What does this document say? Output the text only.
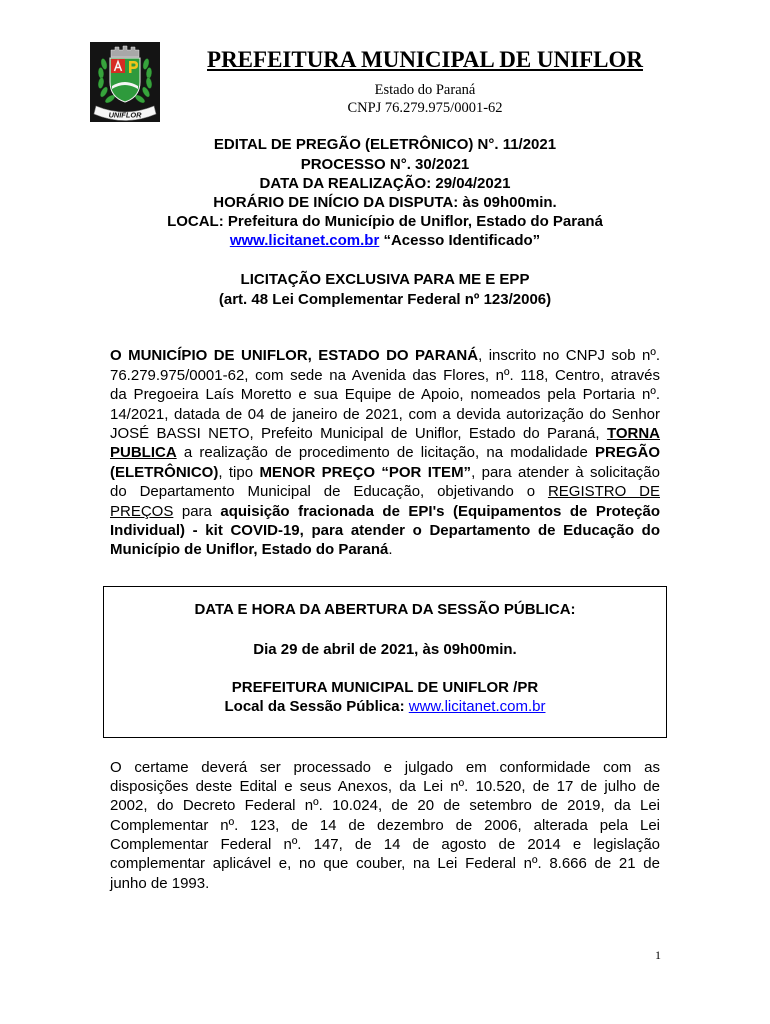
UNIFLOR
PREFEITURA MUNICIPAL DE UNIFLOR
Estado do Paraná
CNPJ 76.279.975/0001-62
EDITAL DE PREGÃO (ELETRÔNICO) N°. 11/2021
PROCESSO N°. 30/2021
DATA DA REALIZAÇÃO: 29/04/2021
HORÁRIO DE INÍCIO DA DISPUTA: às 09h00min.
LOCAL: Prefeitura do Município de Uniflor, Estado do Paraná
www.licitanet.com.br “Acesso Identificado”
LICITAÇÃO EXCLUSIVA PARA ME E EPP
(art. 48 Lei Complementar Federal nº 123/2006)
O MUNICÍPIO DE UNIFLOR, ESTADO DO PARANÁ, inscrito no CNPJ sob nº.
76.279.975/0001-62, com sede na Avenida das Flores, nº. 118, Centro, através
da Pregoeira Laís Moretto e sua Equipe de Apoio, nomeados pela Portaria nº.
14/2021, datada de 04 de janeiro de 2021, com a devida autorização do Senhor
JOSÉ BASSI NETO, Prefeito Municipal de Uniflor, Estado do Paraná, TORNA
PUBLICA a realização de procedimento de licitação, na modalidade PREGÃO
(ELETRÔNICO), tipo MENOR PREÇO “POR ITEM”, para atender à solicitação
do Departamento Municipal de Educação, objetivando o REGISTRO DE
PREÇOS para aquisição fracionada de EPI's (Equipamentos de Proteção
Individual) - kit COVID-19, para atender o Departamento de Educação do
Município de Uniflor, Estado do Paraná.
DATA E HORA DA ABERTURA DA SESSÃO PÚBLICA:
Dia 29 de abril de 2021, às 09h00min.
PREFEITURA MUNICIPAL DE UNIFLOR /PR
Local da Sessão Pública: www.licitanet.com.br
O certame deverá ser processado e julgado em conformidade com as
disposições deste Edital e seus Anexos, da Lei nº. 10.520, de 17 de julho de
2002, do Decreto Federal nº. 10.024, de 20 de setembro de 2019, da Lei
Complementar nº. 123, de 14 de dezembro de 2006, alterada pela Lei
Complementar Federal nº. 147, de 14 de agosto de 2014 e legislação
complementar aplicável e, no que couber, na Lei Federal nº. 8.666 de 21 de
junho de 1993.
1
